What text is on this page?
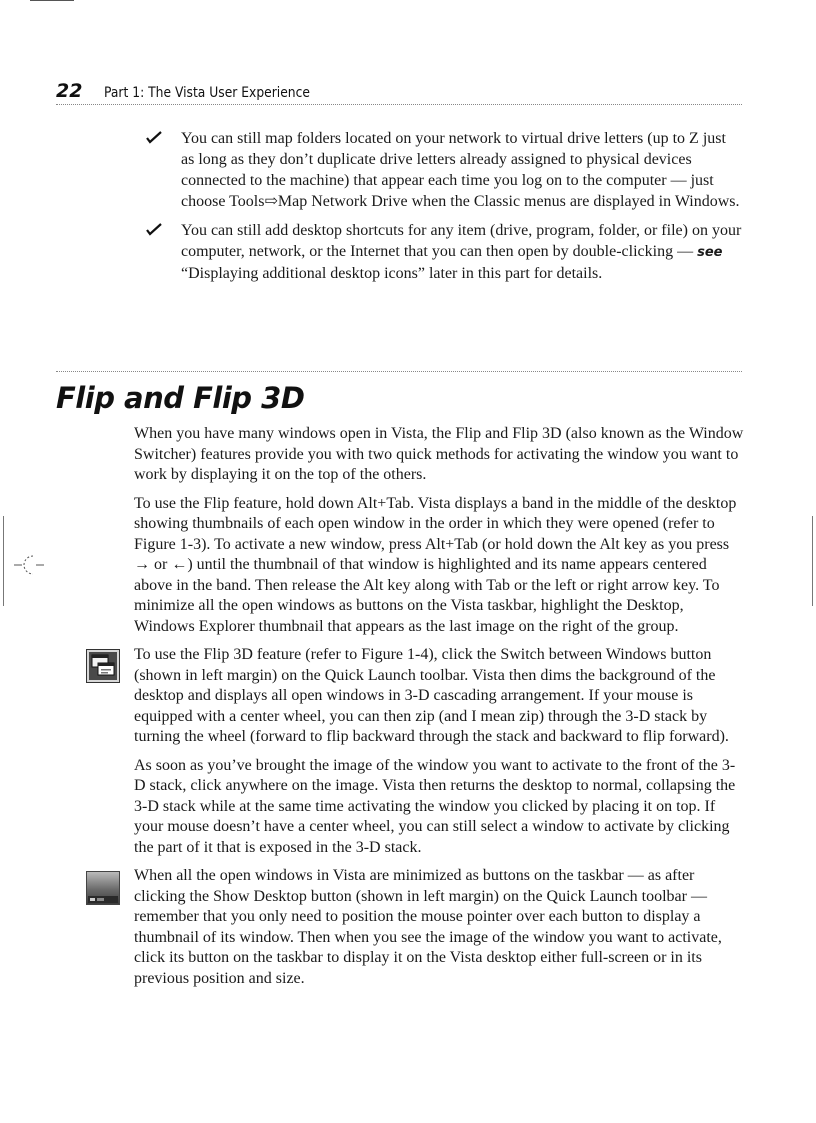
22 Part 1: The Vista User Experience
You can still map folders located on your network to virtual drive letters (up to Z just as long as they don’t duplicate drive letters already assigned to physical devices connected to the machine) that appear each time you log on to the computer — just choose Tools⇨Map Network Drive when the Classic menus are displayed in Windows.
You can still add desktop shortcuts for any item (drive, program, folder, or file) on your computer, network, or the Internet that you can then open by double-clicking — see “Displaying additional desktop icons” later in this part for details.
Flip and Flip 3D

When you have many windows open in Vista, the Flip and Flip 3D (also known as the Window Switcher) features provide you with two quick methods for activating the window you want to work by displaying it on the top of the others.

To use the Flip feature, hold down Alt+Tab. Vista displays a band in the middle of the desktop showing thumbnails of each open window in the order in which they were opened (refer to Figure 1-3). To activate a new window, press Alt+Tab (or hold down the Alt key as you press → or ←) until the thumbnail of that window is highlighted and its name appears centered above in the band. Then release the Alt key along with Tab or the left or right arrow key. To minimize all the open windows as buttons on the Vista taskbar, highlight the Desktop, Windows Explorer thumbnail that appears as the last image on the right of the group.

To use the Flip 3D feature (refer to Figure 1-4), click the Switch between Windows button (shown in left margin) on the Quick Launch toolbar. Vista then dims the background of the desktop and displays all open windows in 3-D cascading arrangement. If your mouse is equipped with a center wheel, you can then zip (and I mean zip) through the 3-D stack by turning the wheel (forward to flip backward through the stack and backward to flip forward).

As soon as you’ve brought the image of the window you want to activate to the front of the 3-D stack, click anywhere on the image. Vista then returns the desktop to normal, collapsing the 3-D stack while at the same time activating the window you clicked by placing it on top. If your mouse doesn’t have a center wheel, you can still select a window to activate by clicking the part of it that is exposed in the 3-D stack.

When all the open windows in Vista are minimized as buttons on the taskbar — as after clicking the Show Desktop button (shown in left margin) on the Quick Launch toolbar — remember that you only need to position the mouse pointer over each button to display a thumbnail of its window. Then when you see the image of the window you want to activate, click its button on the taskbar to display it on the Vista desktop either full-screen or in its previous position and size.
